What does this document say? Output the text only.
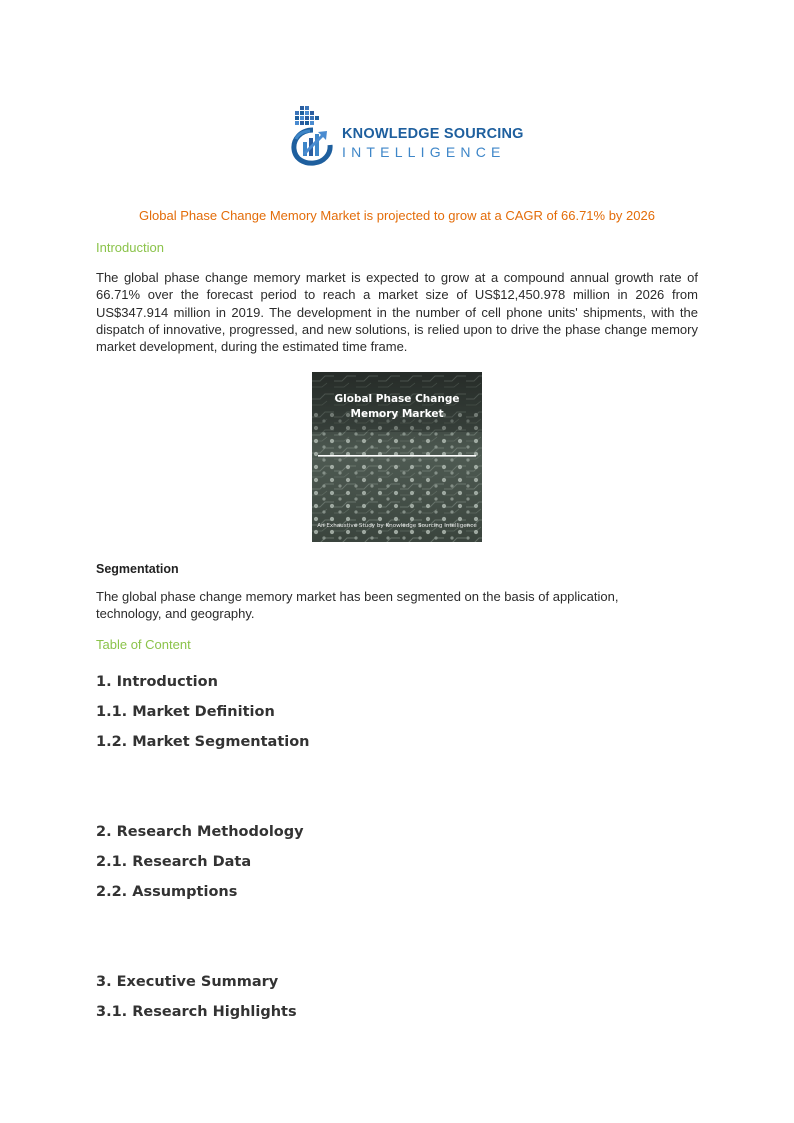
KNOWLEDGE SOURCING
INTELLIGENCE
Global Phase Change Memory Market is projected to grow at a CAGR of 66.71% by 2026
Introduction
The global phase change memory market is expected to grow at a compound annual growth rate of 66.71% over the forecast period to reach a market size of US$12,450.978 million in 2026 from US$347.914 million in 2019. The development in the number of cell phone units' shipments, with the dispatch of innovative, progressed, and new solutions, is relied upon to drive the phase change memory market development, during the estimated time frame.
Global Phase Change Memory Market
An Exhaustive Study by Knowledge Sourcing Intelligence
Segmentation
The global phase change memory market has been segmented on the basis of application, technology, and geography.
Table of Content
1. Introduction
1.1. Market Definition
1.2. Market Segmentation
2. Research Methodology
2.1. Research Data
2.2. Assumptions
3. Executive Summary
3.1. Research Highlights
